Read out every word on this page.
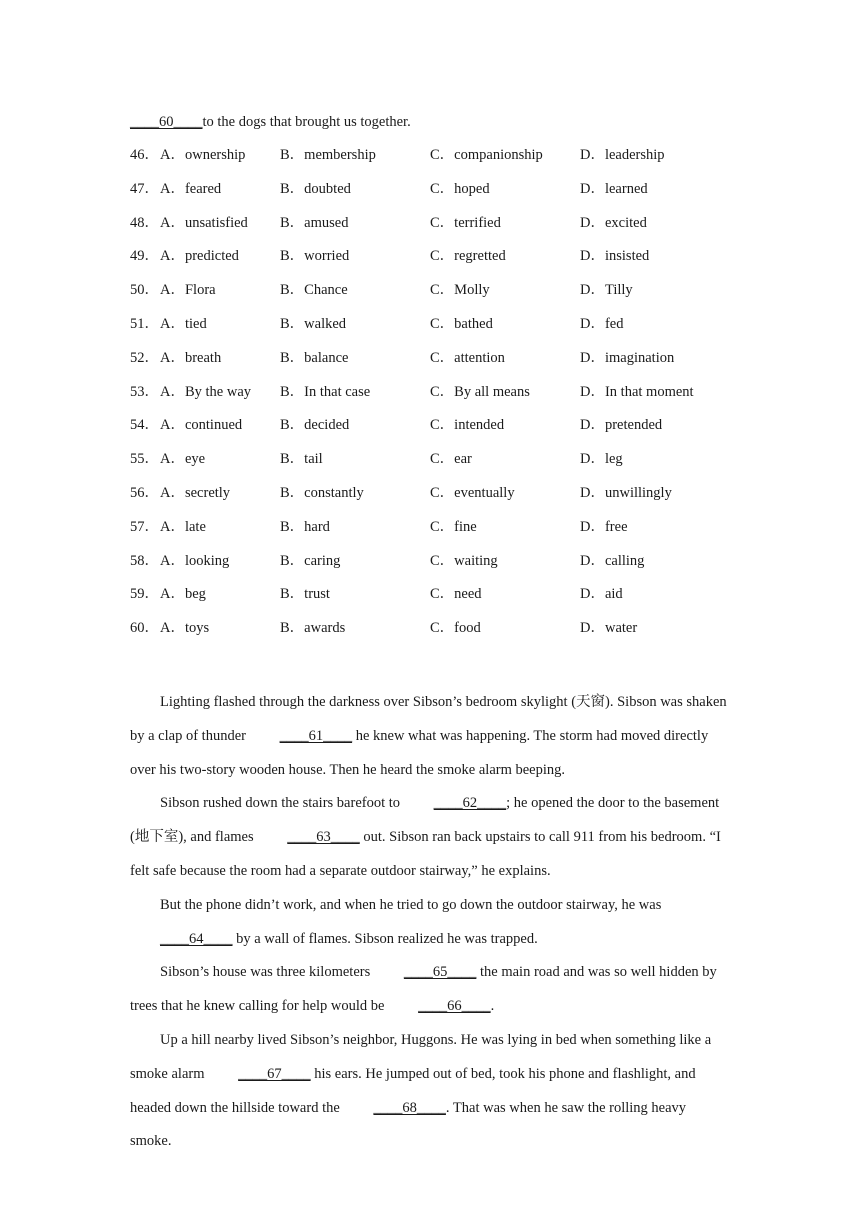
____60____to the dogs that brought us together.
46． A．ownership B．membership	C．companionship	D．leadership
47． A．feared	B．doubted	C．hoped	D．learned
48． A．unsatisfied B．amused	C．terrified	D．excited
49． A．predicted	B．worried	C．regretted	D．insisted
50． A．Flora	B．Chance	C．Molly	D．Tilly
51． A．tied	B．walked	C．bathed	D．fed
52． A．breath	B．balance	C．attention	D．imagination
53． A．By the way B．In that case	C．By all means	D．In that moment
54． A．continued	B．decided	C．intended	D．pretended
55． A．eye	B．tail	C．ear	D．leg
56． A．secretly	B．constantly	C．eventually	D．unwillingly
57． A．late	B．hard	C．fine	D．free
58． A．looking	B．caring	C．waiting	D．calling
59． A．beg	B．trust	C．need	D．aid
60． A．toys	B．awards	C．food	D．water

Lighting flashed through the darkness over Sibson’s bedroom skylight (天窗). Sibson was shaken by a clap of thunder ____61____ he knew what was happening. The storm had moved directly over his two-story wooden house. Then he heard the smoke alarm beeping.

Sibson rushed down the stairs barefoot to ____62____; he opened the door to the basement (地下室), and flames ____63____ out. Sibson ran back upstairs to call 911 from his bedroom. “I felt safe because the room had a separate outdoor stairway,” he explains.

But the phone didn’t work, and when he tried to go down the outdoor stairway, he was ____64____ by a wall of flames. Sibson realized he was trapped.

Sibson’s house was three kilometers ____65____ the main road and was so well hidden by trees that he knew calling for help would be ____66____.

Up a hill nearby lived Sibson’s neighbor, Huggons. He was lying in bed when something like a smoke alarm ____67____ his ears. He jumped out of bed, took his phone and flashlight, and headed down the hillside toward the ____68____. That was when he saw the rolling heavy smoke.
